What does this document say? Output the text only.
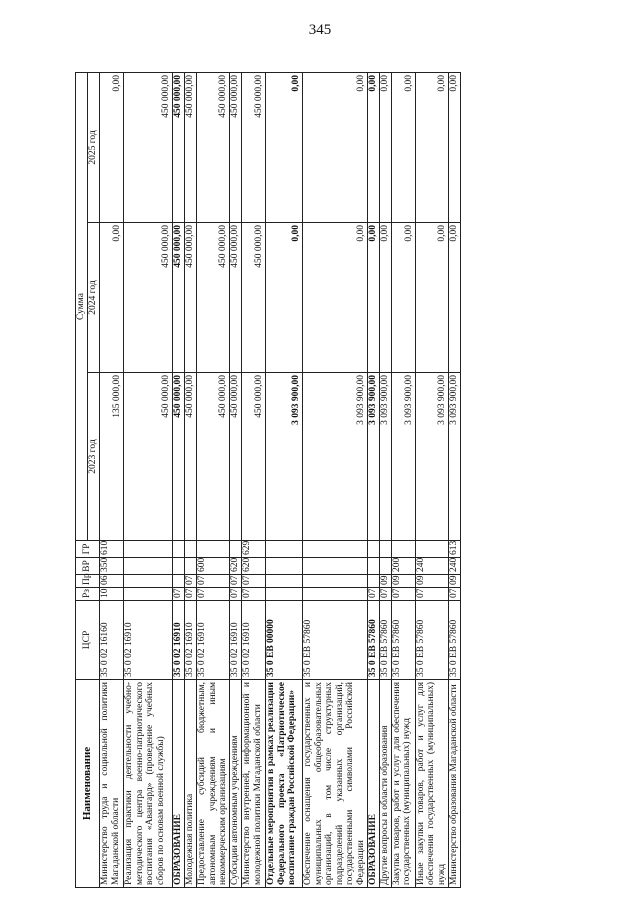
345
Наименование	ЦСР	Рз	Пр	ВР	ГР	Сумма		
						2023 год	2024 год	2025 год
Министерство труда и социальной политики Магаданской области	35 0 02 16160	10	06	350	610	135 000,00	0,00	0,00
Реализация практики деятельности учебно-методического центра военно-патриотического воспитания «Авангард» (проведение учебных сборов по основам военной службы)	35 0 02 16910					450 000,00	450 000,00	450 000,00
ОБРАЗОВАНИЕ	35 0 02 16910	07				450 000,00	450 000,00	450 000,00
Молодежная политика	35 0 02 16910	07	07			450 000,00	450 000,00	450 000,00
Предоставление субсидий бюджетным, автономным учреждениям и иным некоммерческим организациям	35 0 02 16910	07	07	600		450 000,00	450 000,00	450 000,00
Субсидии автономным учреждениям	35 0 02 16910	07	07	620		450 000,00	450 000,00	450 000,00
Министерство внутренней, информационной и молодежной политики Магаданской области	35 0 02 16910	07	07	620	629	450 000,00	450 000,00	450 000,00
Отдельные мероприятия в рамках реализации Федерального проекта «Патриотическое воспитание граждан Российской Федерации»	35 0 EB 00000					3 093 900,00	0,00	0,00
Обеспечение оснащения государственных и муниципальных общеобразовательных организаций, в том числе структурных подразделений указанных организаций, государственными символами Российской Федерации	35 0 EB 57860					3 093 900,00	0,00	0,00
ОБРАЗОВАНИЕ	35 0 EB 57860	07				3 093 900,00	0,00	0,00
Другие вопросы в области образования	35 0 EB 57860	07	09			3 093 900,00	0,00	0,00
Закупка товаров, работ и услуг для обеспечения государственных (муниципальных) нужд	35 0 EB 57860	07	09	200		3 093 900,00	0,00	0,00
Иные закупки товаров, работ и услуг для обеспечения государственных (муниципальных) нужд	35 0 EB 57860	07	09	240		3 093 900,00	0,00	0,00
Министерство образования Магаданской области	35 0 EB 57860	07	09	240	613	3 093 900,00	0,00	0,00
